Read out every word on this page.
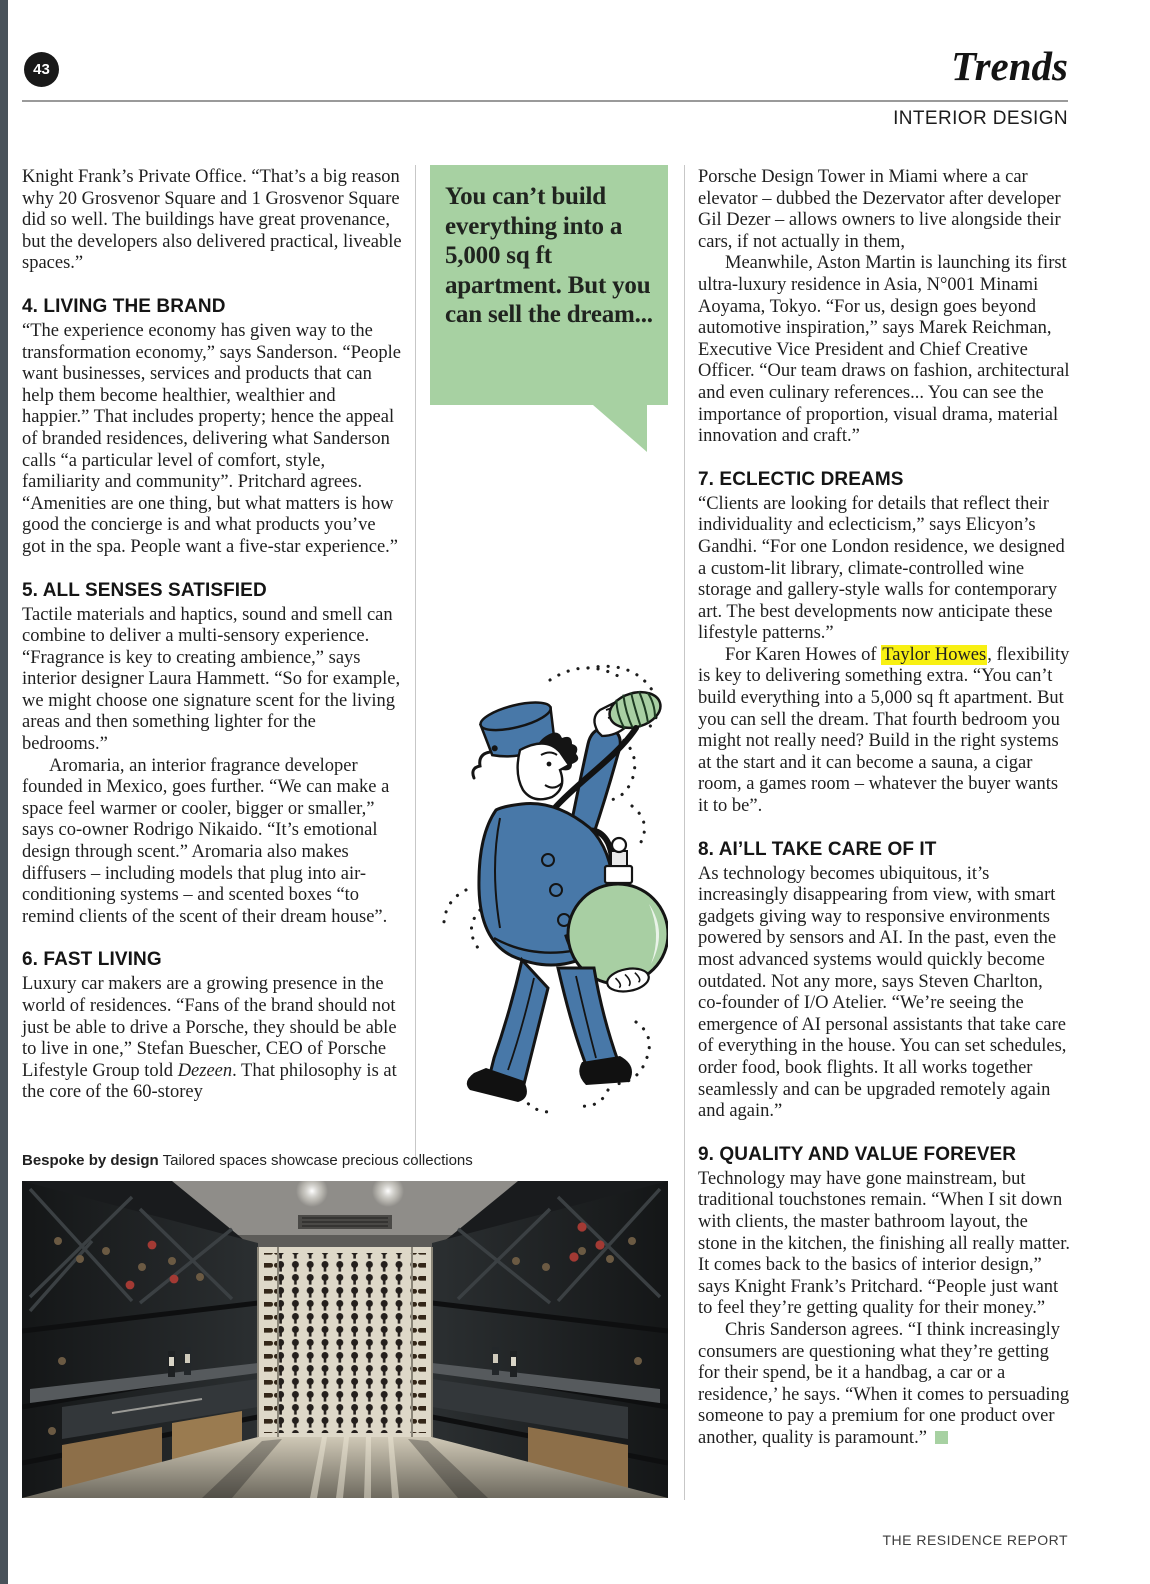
43	Trends
INTERIOR DESIGN

Knight Frank’s Private Office. “That’s a big reason why 20 Grosvenor Square and 1 Grosvenor Square did so well. The buildings have great provenance, but the developers also delivered practical, liveable spaces.”

4. LIVING THE BRAND

“The experience economy has given way to the transformation economy,” says Sanderson. “People want businesses, services and products that can help them become healthier, wealthier and happier.” That includes property; hence the appeal of branded residences, delivering what Sanderson calls “a particular level of comfort, style, familiarity and community”. Pritchard agrees. “Amenities are one thing, but what matters is how good the concierge is and what products you’ve got in the spa. People want a five-star experience.”

5. ALL SENSES SATISFIED

Tactile materials and haptics, sound and smell can combine to deliver a multi-sensory experience. “Fragrance is key to creating ambience,” says interior designer Laura Hammett. “So for example, we might choose one signature scent for the living areas and then something lighter for the bedrooms.”

Aromaria, an interior fragrance developer founded in Mexico, goes further. “We can make a space feel warmer or cooler, bigger or smaller,” says co-owner Rodrigo Nikaido. “It’s emotional design through scent.” Aromaria also makes diffusers – including models that plug into air-conditioning systems – and scented boxes “to remind clients of the scent of their dream house”.

6. FAST LIVING

Luxury car makers are a growing presence in the world of residences. “Fans of the brand should not just be able to drive a Porsche, they should be able to live in one,” Stefan Buescher, CEO of Porsche Lifestyle Group told Dezeen. That philosophy is at the core of the 60-storey

You can’t build everything into a 5,000 sq ft apartment. But you can sell the dream...
Bespoke by design Tailored spaces showcase precious collections

Porsche Design Tower in Miami where a car elevator – dubbed the Dezervator after developer Gil Dezer – allows owners to live alongside their cars, if not actually in them,

Meanwhile, Aston Martin is launching its first ultra-luxury residence in Asia, N°001 Minami Aoyama, Tokyo. “For us, design goes beyond automotive inspiration,” says Marek Reichman, Executive Vice President and Chief Creative Officer. “Our team draws on fashion, architectural and even culinary references... You can see the importance of proportion, visual drama, material innovation and craft.”

7. ECLECTIC DREAMS

“Clients are looking for details that reflect their individuality and eclecticism,” says Elicyon’s Gandhi. “For one London residence, we designed a custom-lit library, climate-controlled wine storage and gallery-style walls for contemporary art. The best developments now anticipate these lifestyle patterns.”

For Karen Howes of Taylor Howes, flexibility is key to delivering something extra. “You can’t build everything into a 5,000 sq ft apartment. But you can sell the dream. That fourth bedroom you might not really need? Build in the right systems at the start and it can become a sauna, a cigar room, a games room – whatever the buyer wants it to be”.

8. AI’LL TAKE CARE OF IT

As technology becomes ubiquitous, it’s increasingly disappearing from view, with smart gadgets giving way to responsive environments powered by sensors and AI. In the past, even the most advanced systems would quickly become outdated. Not any more, says Steven Charlton, co-founder of I/O Atelier. “We’re seeing the emergence of AI personal assistants that take care of everything in the house. You can set schedules, order food, book flights. It all works together seamlessly and can be upgraded remotely again and again.”

9. QUALITY AND VALUE FOREVER

Technology may have gone mainstream, but traditional touchstones remain. “When I sit down with clients, the master bathroom layout, the stone in the kitchen, the finishing all really matter. It comes back to the basics of interior design,” says Knight Frank’s Pritchard. “People just want to feel they’re getting quality for their money.”

Chris Sanderson agrees. “I think increasingly consumers are questioning what they’re getting for their spend, be it a handbag, a car or a residence,’ he says. “When it comes to persuading someone to pay a premium for one product over another, quality is paramount.”

THE RESIDENCE REPORT
